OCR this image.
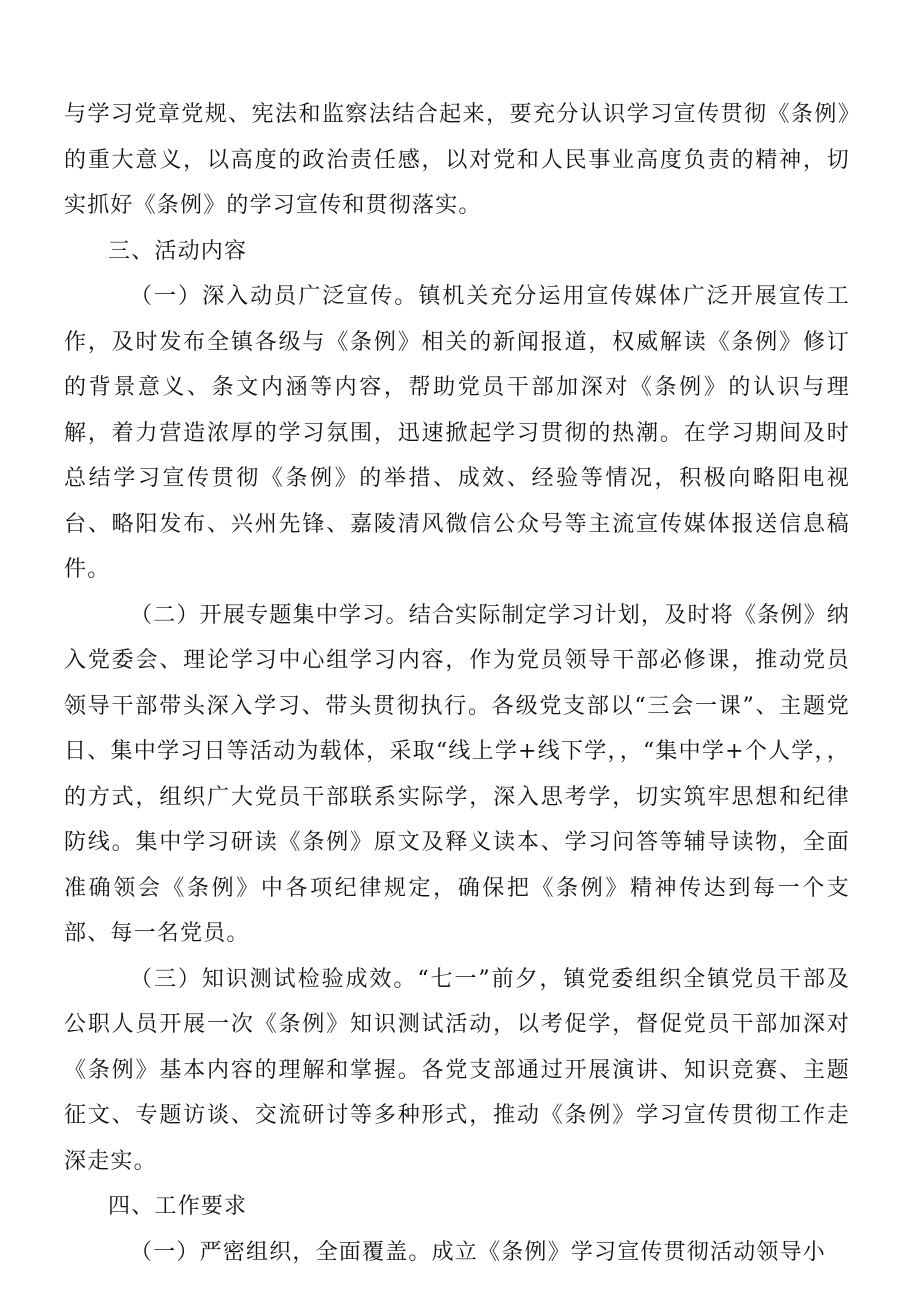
与学习党章党规、宪法和监察法结合起来，要充分认识学习宣传贯彻《条例》的重大意义，以高度的政治责任感，以对党和人民事业高度负责的精神，切实抓好《条例》的学习宣传和贯彻落实。

三、活动内容

（一）深入动员广泛宣传。镇机关充分运用宣传媒体广泛开展宣传工作，及时发布全镇各级与《条例》相关的新闻报道，权威解读《条例》修订的背景意义、条文内涵等内容，帮助党员干部加深对《条例》的认识与理解，着力营造浓厚的学习氛围，迅速掀起学习贯彻的热潮。在学习期间及时总结学习宣传贯彻《条例》的举措、成效、经验等情况，积极向略阳电视台、略阳发布、兴州先锋、嘉陵清风微信公众号等主流宣传媒体报送信息稿件。

（二）开展专题集中学习。结合实际制定学习计划，及时将《条例》纳入党委会、理论学习中心组学习内容，作为党员领导干部必修课，推动党员领导干部带头深入学习、带头贯彻执行。各级党支部以“三会一课”、主题党日、集中学习日等活动为载体，采取“线上学+线下学，，“集中学+个人学，，的方式，组织广大党员干部联系实际学，深入思考学，切实筑牢思想和纪律防线。集中学习研读《条例》原文及释义读本、学习问答等辅导读物，全面准确领会《条例》中各项纪律规定，确保把《条例》精神传达到每一个支部、每一名党员。

（三）知识测试检验成效。“七一”前夕，镇党委组织全镇党员干部及公职人员开展一次《条例》知识测试活动，以考促学，督促党员干部加深对《条例》基本内容的理解和掌握。各党支部通过开展演讲、知识竞赛、主题征文、专题访谈、交流研讨等多种形式，推动《条例》学习宣传贯彻工作走深走实。

四、工作要求

（一）严密组织，全面覆盖。成立《条例》学习宣传贯彻活动领导小
